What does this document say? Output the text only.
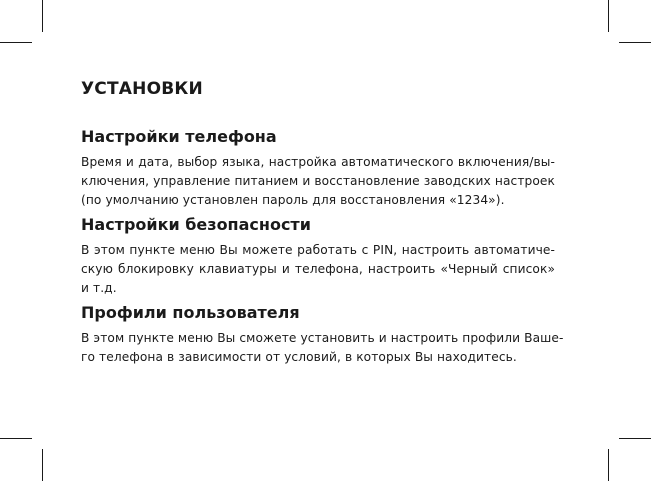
УСТАНОВКИ
Настройки телефона

Время и дата, выбор языка, настройка автоматического включения/вы-
ключения, управление питанием и восстановление заводских настроек
(по умолчанию установлен пароль для восстановления «1234»).

Настройки безопасности

В этом пункте меню Вы можете работать с PIN, настроить автоматиче-
скую блокировку клавиатуры и телефона, настроить «Черный список»
и т.д.

Профили пользователя

В этом пункте меню Вы сможете установить и настроить профили Ваше-
го телефона в зависимости от условий, в которых Вы находитесь.
